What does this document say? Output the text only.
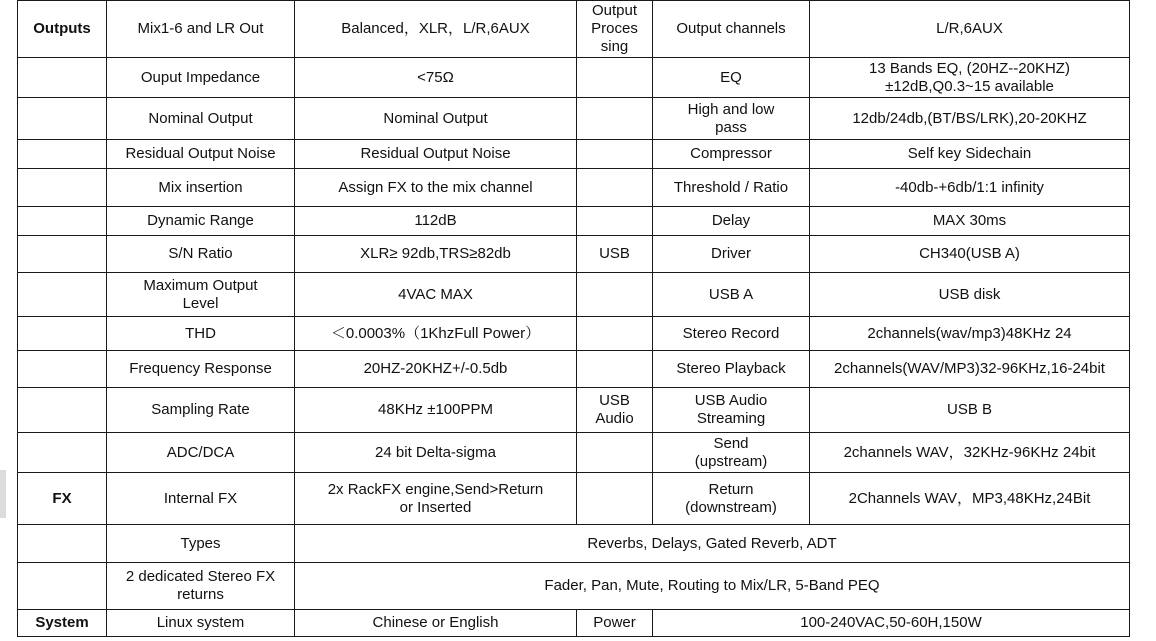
Outputs	Mix1-6 and LR Out	Balanced，XLR，L/R,6AUX	Output
Proces
sing	Output channels	L/R,6AUX
	Ouput Impedance	<75Ω		EQ	13 Bands EQ, (20HZ--20KHZ)
±12dB,Q0.3~15 available
	Nominal Output	Nominal Output		High and low
pass	12db/24db,(BT/BS/LRK),20-20KHZ
	Residual Output Noise	Residual Output Noise		Compressor	Self key Sidechain
	Mix insertion	Assign FX to the mix channel		Threshold / Ratio	-40db-+6db/1:1 infinity
	Dynamic Range	112dB		Delay	MAX 30ms
	S/N Ratio	XLR≥ 92db,TRS≥82db	USB	Driver	CH340(USB A)
	Maximum Output
Level	4VAC MAX		USB A	USB disk
	THD	＜0.0003%（1KhzFull Power）		Stereo Record	2channels(wav/mp3)48KHz 24
	Frequency Response	20HZ-20KHZ+/-0.5db		Stereo Playback	2channels(WAV/MP3)32-96KHz,16-24bit
	Sampling Rate	48KHz ±100PPM	USB
Audio	USB Audio
Streaming	USB B
	ADC/DCA	24 bit Delta-sigma		Send
(upstream)	2channels WAV，32KHz-96KHz 24bit
FX	Internal FX	2x RackFX engine,Send>Return
or Inserted		Return
(downstream)	2Channels WAV，MP3,48KHz,24Bit
	Types	Reverbs, Delays, Gated Reverb, ADT			
	2 dedicated Stereo FX
returns	Fader, Pan, Mute, Routing to Mix/LR, 5-Band PEQ			
System	Linux system	Chinese or English	Power	100-240VAC,50-60H,150W	
